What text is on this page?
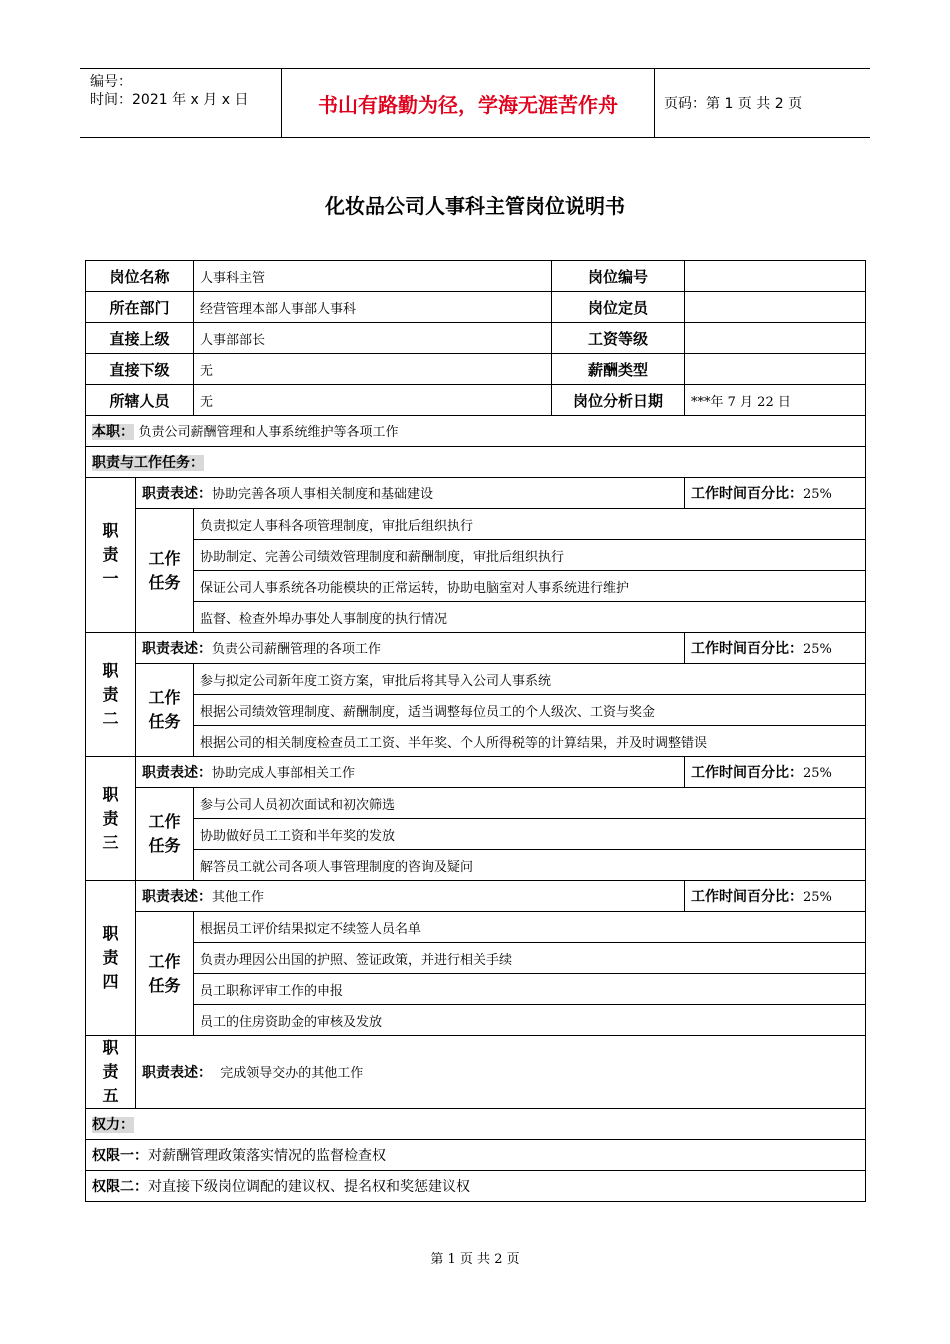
编号：
时间：2021 年 x 月 x 日	书山有路勤为径，学海无涯苦作舟	页码：第 1 页 共 2 页
化妆品公司人事科主管岗位说明书
岗位名称		人事科主管	岗位编号	
所在部门		经营管理本部人事部人事科	岗位定员	
直接上级		人事部部长	工资等级	
直接下级		无	薪酬类型	
所辖人员		无	岗位分析日期	***年 7 月 22 日
本职： 负责公司薪酬管理和人事系统维护等各项工作				
职责与工作任务：				

职
责
一	职责表述：协助完善各项人事相关制度和基础建设			工作时间百分比：25%

	工作
任务	负责拟定人事科各项管理制度，审批后组织执行		
		协助制定、完善公司绩效管理制度和薪酬制度，审批后组织执行		
		保证公司人事系统各功能模块的正常运转，协助电脑室对人事系统进行维护		
		监督、检查外埠办事处人事制度的执行情况		

职
责
二	职责表述：负责公司薪酬管理的各项工作			工作时间百分比：25%

	工作
任务	参与拟定公司新年度工资方案，审批后将其导入公司人事系统		
		根据公司绩效管理制度、薪酬制度，适当调整每位员工的个人级次、工资与奖金		
		根据公司的相关制度检查员工工资、半年奖、个人所得税等的计算结果，并及时调整错误		

职
责
三	职责表述：协助完成人事部相关工作			工作时间百分比：25%

	工作
任务	参与公司人员初次面试和初次筛选		
		协助做好员工工资和半年奖的发放		
		解答员工就公司各项人事管理制度的咨询及疑问		

职
责
四	职责表述：其他工作			工作时间百分比：25%

	工作
任务	根据员工评价结果拟定不续签人员名单		
		负责办理因公出国的护照、签证政策，并进行相关手续		
		员工职称评审工作的申报		
		员工的住房资助金的审核及发放		

职
责
五	职责表述：  完成领导交办的其他工作			
权力：				
权限一：对薪酬管理政策落实情况的监督检查权				
权限二：对直接下级岗位调配的建议权、提名权和奖惩建议权				
第 1 页 共 2 页
